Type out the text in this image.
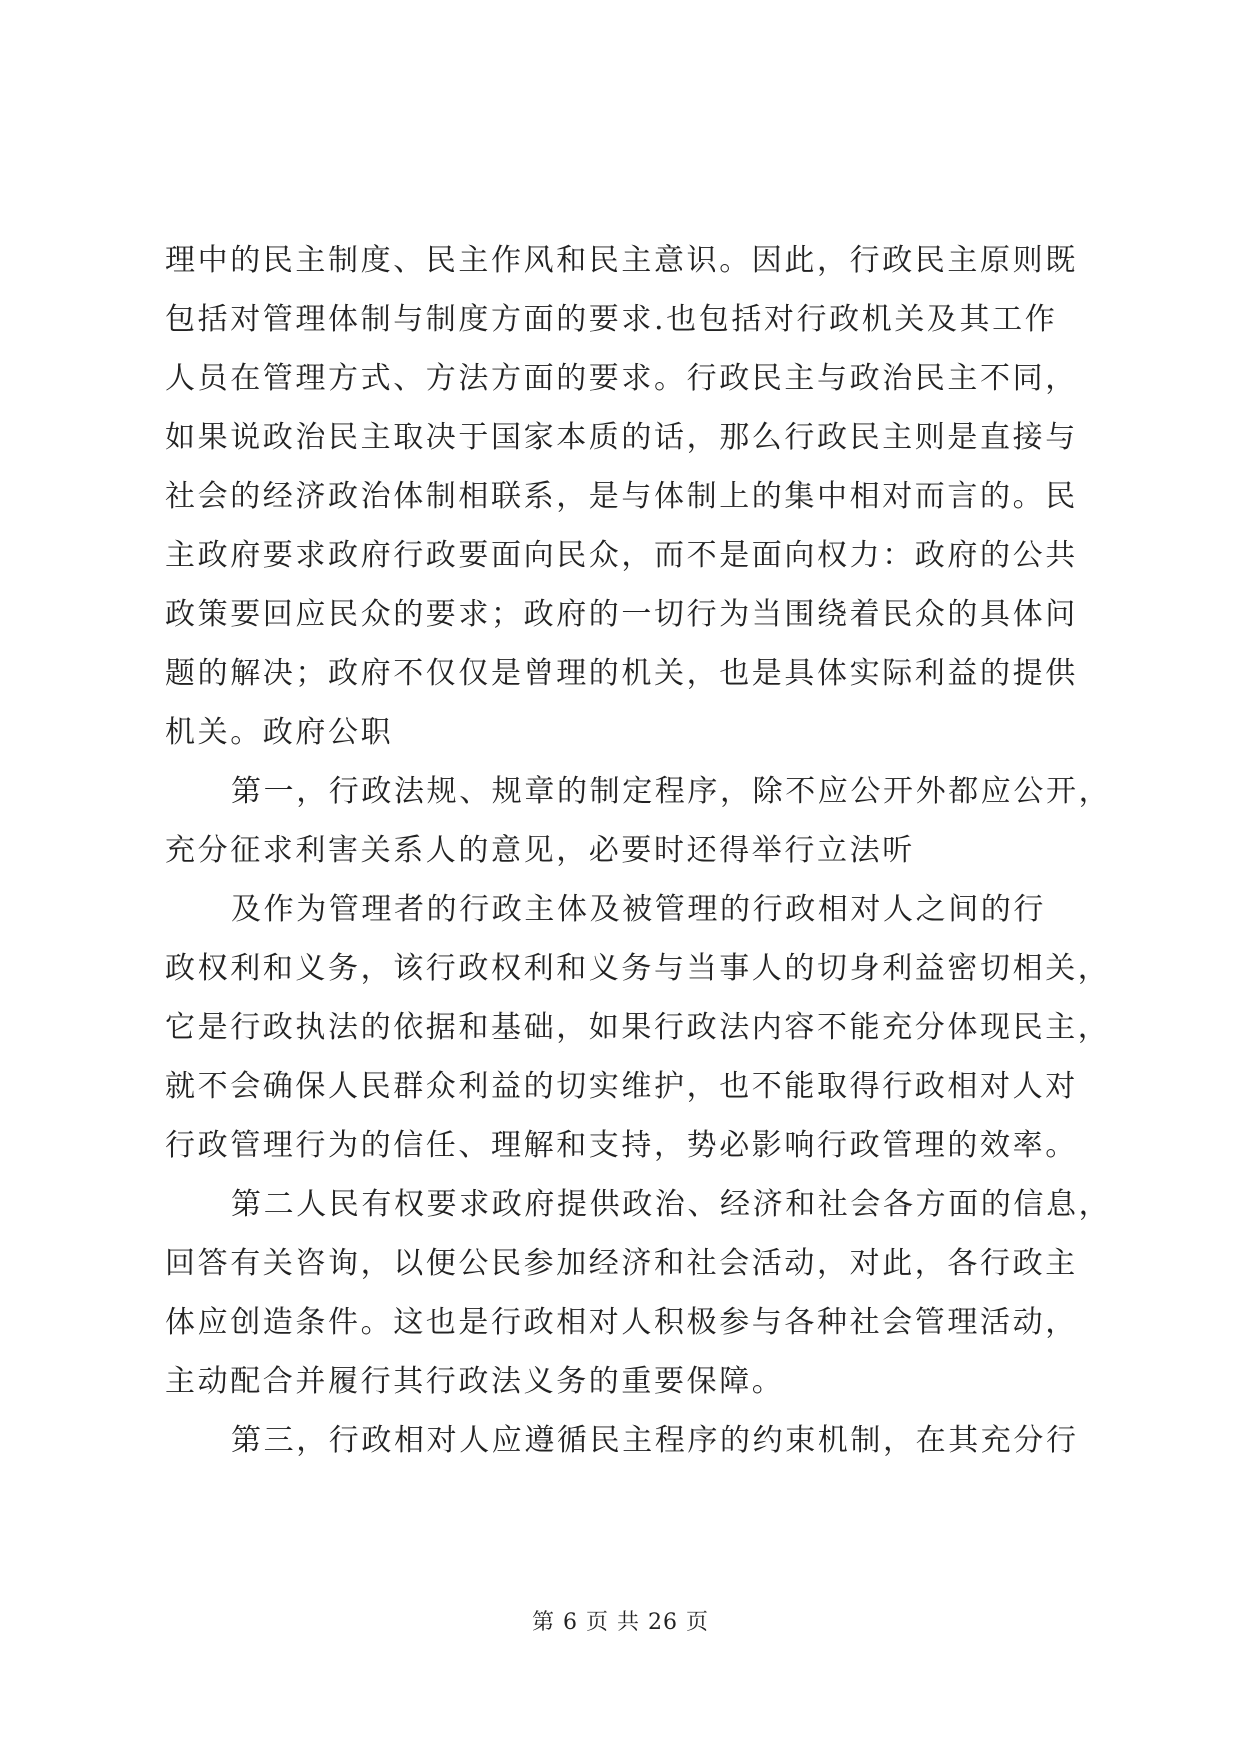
理中的民主制度、民主作风和民主意识。因此，行政民主原则既
包括对管理体制与制度方面的要求.也包括对行政机关及其工作
人员在管理方式、方法方面的要求。行政民主与政治民主不同，
如果说政治民主取决于国家本质的话，那么行政民主则是直接与
社会的经济政治体制相联系，是与体制上的集中相对而言的。民
主政府要求政府行政要面向民众，而不是面向权力：政府的公共
政策要回应民众的要求；政府的一切行为当围绕着民众的具体问
题的解决；政府不仅仅是曾理的机关，也是具体实际利益的提供
机关。政府公职
第一，行政法规、规章的制定程序，除不应公开外都应公开，
充分征求利害关系人的意见，必要时还得举行立法听
及作为管理者的行政主体及被管理的行政相对人之间的行
政权利和义务，该行政权利和义务与当事人的切身利益密切相关，
它是行政执法的依据和基础，如果行政法内容不能充分体现民主，
就不会确保人民群众利益的切实维护，也不能取得行政相对人对
行政管理行为的信任、理解和支持，势必影响行政管理的效率。
第二人民有权要求政府提供政治、经济和社会各方面的信息，
回答有关咨询，以便公民参加经济和社会活动，对此，各行政主
体应创造条件。这也是行政相对人积极参与各种社会管理活动，
主动配合并履行其行政法义务的重要保障。
第三，行政相对人应遵循民主程序的约束机制，在其充分行
第 6 页 共 26 页
